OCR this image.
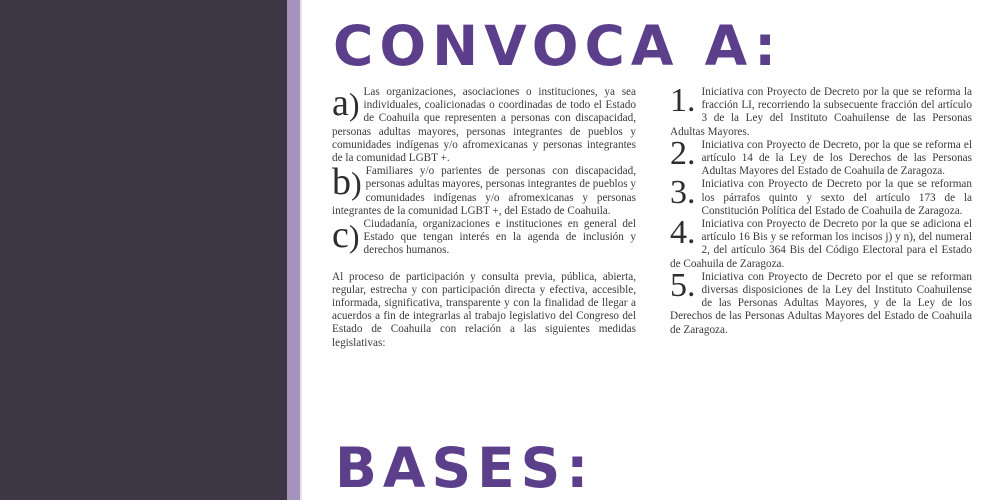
CONVOCA A:
a) Las organizaciones, asociaciones o instituciones, ya sea individuales, coalicionadas o coordinadas de todo el Estado de Coahuila que representen a personas con discapacidad, personas adultas mayores, personas integrantes de pueblos y comunidades indígenas y/o afromexicanas y personas integrantes de la comunidad LGBT +.
b) Familiares y/o parientes de personas con discapacidad, personas adultas mayores, personas integrantes de pueblos y comunidades indígenas y/o afromexicanas y personas integrantes de la comunidad LGBT +, del Estado de Coahuila.
c) Ciudadanía, organizaciones e instituciones en general del Estado que tengan interés en la agenda de inclusión y derechos humanos.

Al proceso de participación y consulta previa, pública, abierta, regular, estrecha y con participación directa y efectiva, accesible, informada, significativa, transparente y con la finalidad de llegar a acuerdos a fin de integrarlas al trabajo legislativo del Congreso del Estado de Coahuila con relación a las siguientes medidas legislativas:

1. Iniciativa con Proyecto de Decreto por la que se reforma la fracción LI, recorriendo la subsecuente fracción del artículo 3 de la Ley del Instituto Coahuilense de las Personas Adultas Mayores.
2. Iniciativa con Proyecto de Decreto, por la que se reforma el artículo 14 de la Ley de los Derechos de las Personas Adultas Mayores del Estado de Coahuila de Zaragoza.
3. Iniciativa con Proyecto de Decreto por la que se reforman los párrafos quinto y sexto del artículo 173 de la Constitución Política del Estado de Coahuila de Zaragoza.
4. Iniciativa con Proyecto de Decreto por la que se adiciona el artículo 16 Bis y se reforman los incisos j) y n), del numeral 2, del artículo 364 Bis del Código Electoral para el Estado de Coahuila de Zaragoza.
5. Iniciativa con Proyecto de Decreto por el que se reforman diversas disposiciones de la Ley del Instituto Coahuilense de las Personas Adultas Mayores, y de la Ley de los Derechos de las Personas Adultas Mayores del Estado de Coahuila de Zaragoza.
BASES:
